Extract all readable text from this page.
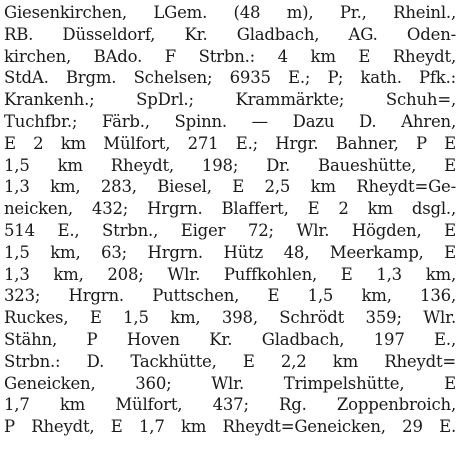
Giesenkirchen, LGem. (48 m), Pr., Rheinl.,
RB. Düsseldorf, Kr. Gladbach, AG. Oden-
kirchen, BAdo. F Strbn.: 4 km E Rheydt,
StdA. Brgm. Schelsen; 6935 E.; P; kath. Pfk.:
Krankenh.; SpDrl.; Krammärkte; Schuh=,
Tuchfbr.; Färb., Spinn. — Dazu D. Ahren,
E 2 km Mülfort, 271 E.; Hrgr. Bahner, P E
1,5 km Rheydt, 198; Dr. Baueshütte, E
1,3 km, 283, Biesel, E 2,5 km Rheydt=Ge-
neicken, 432; Hrgrn. Blaffert, E 2 km dsgl.,
514 E., Strbn., Eiger 72; Wlr. Högden, E
1,5 km, 63; Hrgrn. Hütz 48, Meerkamp, E
1,3 km, 208; Wlr. Puffkohlen, E 1,3 km,
323; Hrgrn. Puttschen, E 1,5 km, 136,
Ruckes, E 1,5 km, 398, Schrödt 359; Wlr.
Stähn, P Hoven Kr. Gladbach, 197 E.,
Strbn.: D. Tackhütte, E 2,2 km Rheydt=
Geneicken, 360; Wlr. Trimpelshütte, E
1,7 km Mülfort, 437; Rg. Zoppenbroich,
P Rheydt, E 1,7 km Rheydt=Geneicken, 29 E.
